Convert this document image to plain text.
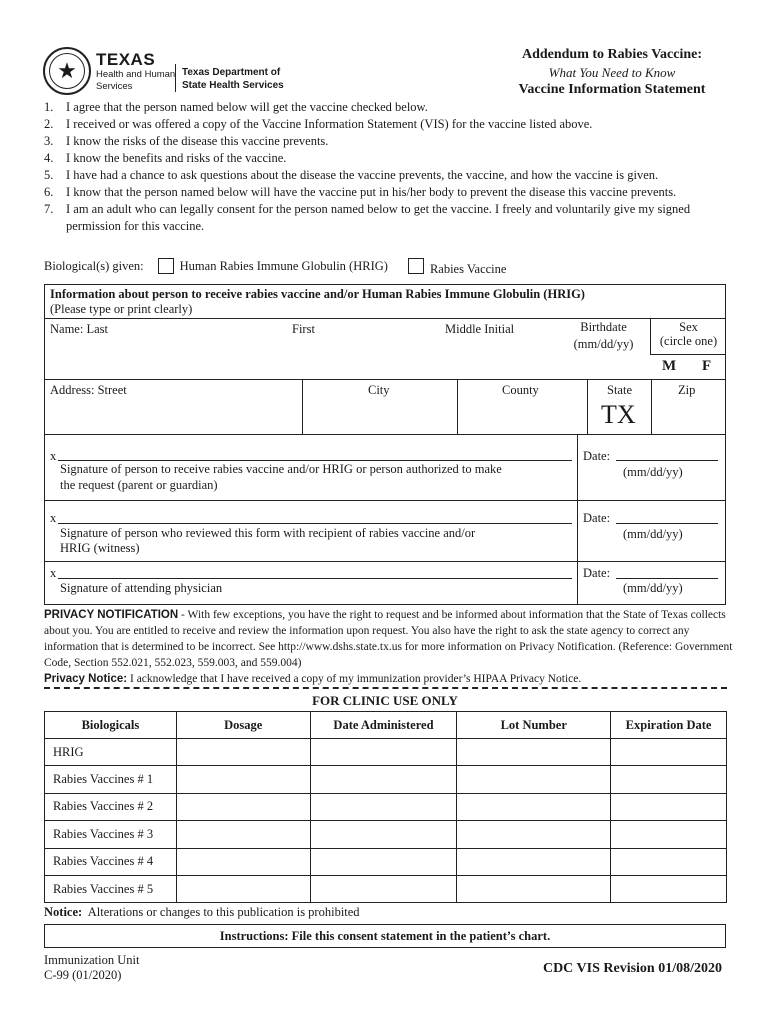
★	TEXAS
Health and Human Services
Texas Department of State Health Services
Addendum to Rabies Vaccine:
What You Need to Know
Vaccine Information Statement
1.	I agree that the person named below will get the vaccine checked below.
2.	I received or was offered a copy of the Vaccine Information Statement (VIS) for the vaccine listed above.
3.	I know the risks of the disease this vaccine prevents.
4.	I know the benefits and risks of the vaccine.
5.	I have had a chance to ask questions about the disease the vaccine prevents, the vaccine, and how the vaccine is given.
6.	I know that the person named below will have the vaccine put in his/her body to prevent the disease this vaccine prevents.
7.	I am an adult who can legally consent for the person named below to get the vaccine. I freely and voluntarily give my signed permission for this vaccine.
Biological(s) given:	Human Rabies Immune Globulin (HRIG)	Rabies Vaccine
Information about person to receive rabies vaccine and/or Human Rabies Immune Globulin (HRIG)
(Please type or print clearly)
Name: Last	First	Middle Initial	Birthdate
(mm/dd/yy)
Sex
(circle one)
M F
Address: Street	City	County	State
TX
Zip
x
Signature of person to receive rabies vaccine and/or HRIG or person authorized to make
the request (parent or guardian)
Date:
(mm/dd/yy)
x
Signature of person who reviewed this form with recipient of rabies vaccine and/or
HRIG (witness)
Date:
(mm/dd/yy)
x
Signature of attending physician
Date:
(mm/dd/yy)
PRIVACY NOTIFICATION - With few exceptions, you have the right to request and be informed about information that the State of Texas collects about you. You are entitled to receive and review the information upon request. You also have the right to ask the state agency to correct any information that is determined to be incorrect. See http://www.dshs.state.tx.us for more information on Privacy Notification. (Reference: Government Code, Section 552.021, 552.023, 559.003, and 559.004)
Privacy Notice: I acknowledge that I have received a copy of my immunization provider’s HIPAA Privacy Notice.
FOR CLINIC USE ONLY
Biologicals	Dosage	Date Administered	Lot Number	Expiration Date
HRIG				
Rabies Vaccines # 1				
Rabies Vaccines # 2				
Rabies Vaccines # 3				
Rabies Vaccines # 4				
Rabies Vaccines # 5				
Notice:  Alterations or changes to this publication is prohibited
Instructions: File this consent statement in the patient’s chart.
Immunization Unit
C-99 (01/2020)	CDC VIS Revision 01/08/2020
